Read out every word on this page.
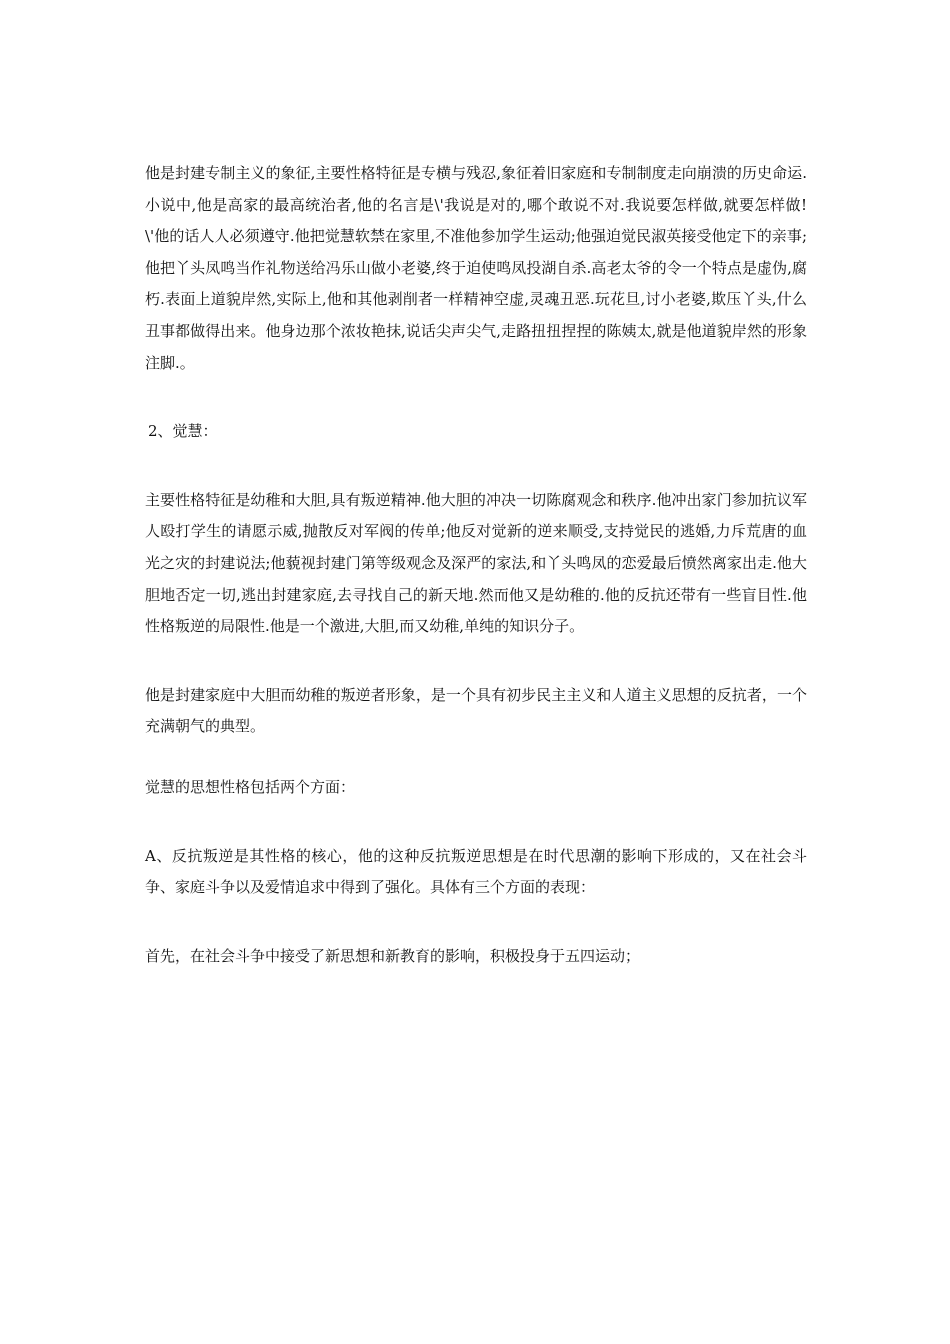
他是封建专制主义的象征,主要性格特征是专横与残忍,象征着旧家庭和专制制度走向崩溃的历史命运.小说中,他是高家的最高统治者,他的名言是\'我说是对的,哪个敢说不对.我说要怎样做,就要怎样做!\'他的话人人必须遵守.他把觉慧软禁在家里,不准他参加学生运动;他强迫觉民淑英接受他定下的亲事;他把丫头凤鸣当作礼物送给冯乐山做小老婆,终于迫使鸣凤投湖自杀.高老太爷的令一个特点是虚伪,腐朽.表面上道貌岸然,实际上,他和其他剥削者一样精神空虚,灵魂丑恶.玩花旦,讨小老婆,欺压丫头,什么丑事都做得出来。他身边那个浓妆艳抹,说话尖声尖气,走路扭扭捏捏的陈姨太,就是他道貌岸然的形象注脚.。

2、觉慧：

主要性格特征是幼稚和大胆,具有叛逆精神.他大胆的冲决一切陈腐观念和秩序.他冲出家门参加抗议军人殴打学生的请愿示威,抛散反对军阀的传单;他反对觉新的逆来顺受,支持觉民的逃婚,力斥荒唐的血光之灾的封建说法;他藐视封建门第等级观念及深严的家法,和丫头鸣凤的恋爱最后愤然离家出走.他大胆地否定一切,逃出封建家庭,去寻找自己的新天地.然而他又是幼稚的.他的反抗还带有一些盲目性.他性格叛逆的局限性.他是一个激进,大胆,而又幼稚,单纯的知识分子。

他是封建家庭中大胆而幼稚的叛逆者形象，是一个具有初步民主主义和人道主义思想的反抗者，一个充满朝气的典型。

觉慧的思想性格包括两个方面：

A、反抗叛逆是其性格的核心，他的这种反抗叛逆思想是在时代思潮的影响下形成的，又在社会斗争、家庭斗争以及爱情追求中得到了强化。具体有三个方面的表现：

首先，在社会斗争中接受了新思想和新教育的影响，积极投身于五四运动；
